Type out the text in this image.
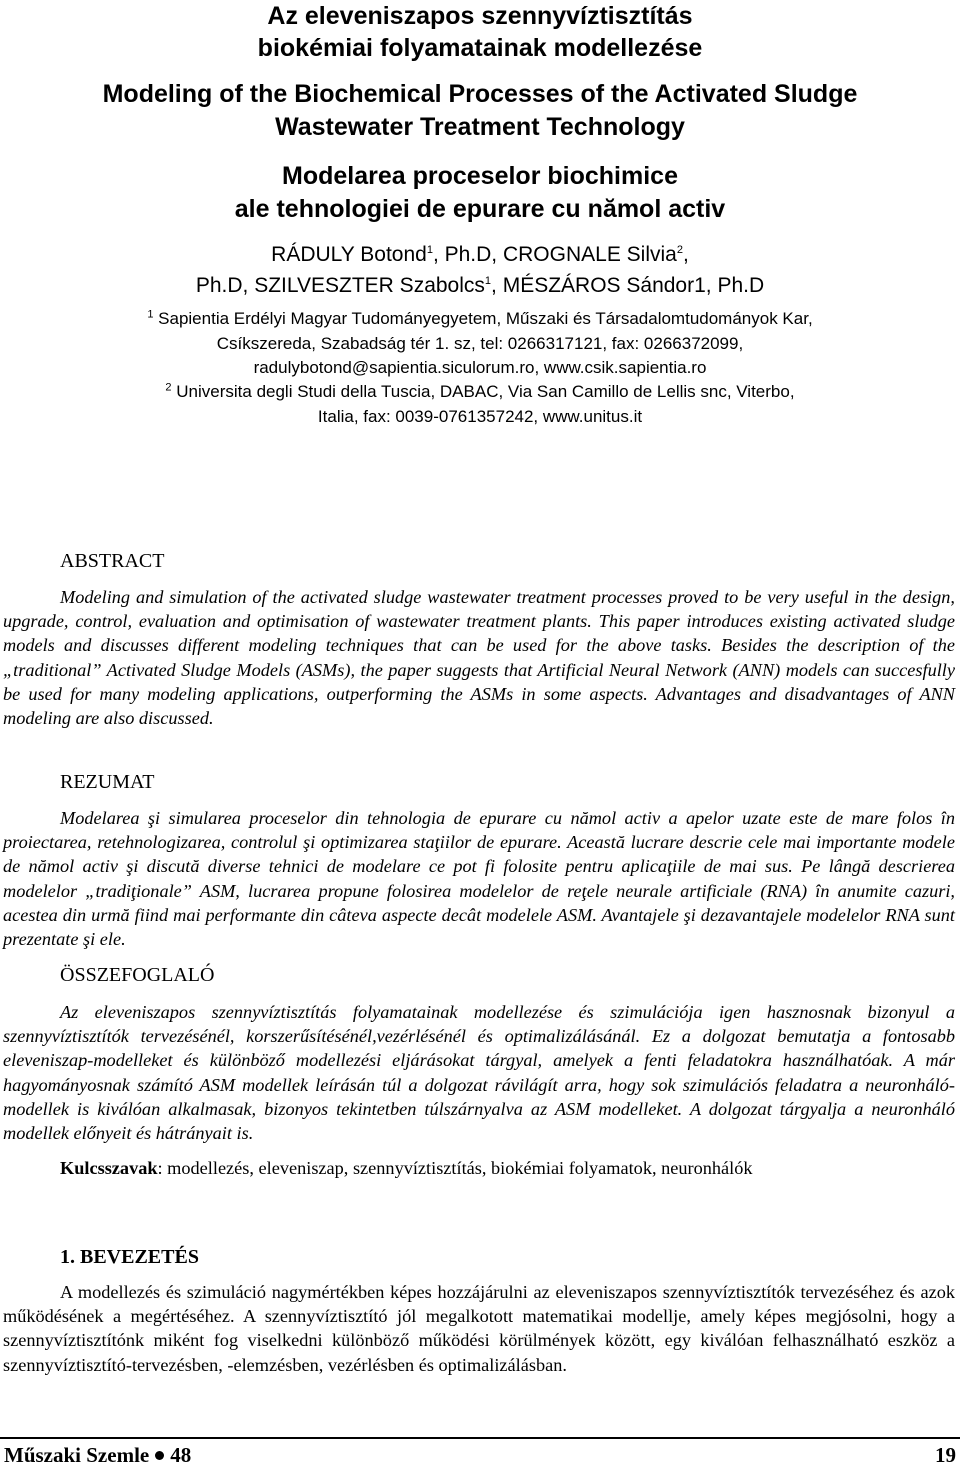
Az eleveniszapos szennyvíztisztítás
biokémiai folyamatainak modellezése
Modeling of the Biochemical Processes of the Activated Sludge
Wastewater Treatment Technology
Modelarea proceselor biochimice
ale tehnologiei de epurare cu nămol activ
RÁDULY Botond$^1$, Ph.D, CROGNALE Silvia$^2$,
Ph.D, SZILVESZTER Szabolcs$^1$, MÉSZÁROS Sándor1, Ph.D
$^1$ Sapientia Erdélyi Magyar Tudományegyetem, Műszaki és Társadalomtudományok Kar,
Csíkszereda, Szabadság tér 1. sz, tel: 0266317121, fax: 0266372099,
radulybotond@sapientia.siculorum.ro, www.csik.sapientia.ro
$^2$ Universita degli Studi della Tuscia, DABAC, Via San Camillo de Lellis snc, Viterbo,
Italia, fax: 0039-0761357242, www.unitus.it
ABSTRACT

Modeling and simulation of the activated sludge wastewater treatment processes proved to be very useful in the design, upgrade, control, evaluation and optimisation of wastewater treatment plants. This paper introduces existing activated sludge models and discusses different modeling techniques that can be used for the above tasks. Besides the description of the „traditional” Activated Sludge Models (ASMs), the paper suggests that Artificial Neural Network (ANN) models can succesfully be used for many modeling applications, outperforming the ASMs in some aspects. Advantages and disadvantages of ANN modeling are also discussed.

REZUMAT

Modelarea şi simularea proceselor din tehnologia de epurare cu nămol activ a apelor uzate este de mare folos în proiectarea, retehnologizarea, controlul şi optimizarea staţiilor de epurare. Această lucrare descrie cele mai importante modele de nămol activ şi discută diverse tehnici de modelare ce pot fi folosite pentru aplicaţiile de mai sus. Pe lângă descrierea modelelor „tradiţionale” ASM, lucrarea propune folosirea modelelor de reţele neurale artificiale (RNA) în anumite cazuri, acestea din urmă fiind mai performante din câteva aspecte decât modelele ASM. Avantajele şi dezavantajele modelelor RNA sunt prezentate şi ele.

ÖSSZEFOGLALÓ

Az eleveniszapos szennyvíztisztítás folyamatainak modellezése és szimulációja igen hasznosnak bizonyul a szennyvíztisztítók tervezésénél, korszerűsítésénél,vezérlésénél és optimalizálásánál. Ez a dolgozat bemutatja a fontosabb eleveniszap-modelleket és különböző modellezési eljárásokat tárgyal, amelyek a fenti feladatokra használhatóak. A már hagyományosnak számító ASM modellek leírásán túl a dolgozat rávilágít arra, hogy sok szimulációs feladatra a neuronháló-modellek is kiválóan alkalmasak, bizonyos tekintetben túlszárnyalva az ASM modelleket. A dolgozat tárgyalja a neuronháló modellek előnyeit és hátrányait is.

Kulcsszavak: modellezés, eleveniszap, szennyvíztisztítás, biokémiai folyamatok, neuronhálók
1. BEVEZETÉS

A modellezés és szimuláció nagymértékben képes hozzájárulni az eleveniszapos szennyvíztisztítók tervezéséhez és azok működésének a megértéséhez. A szennyvíztisztító jól megalkotott matematikai modellje, amely képes megjósolni, hogy a szennyvíztisztítónk miként fog viselkedni különböző működési körülmények között, egy kiválóan felhasználható eszköz a szennyvíztisztító-tervezésben, -elemzésben, vezérlésben és optimalizálásban.

Műszaki Szemle 48	19
